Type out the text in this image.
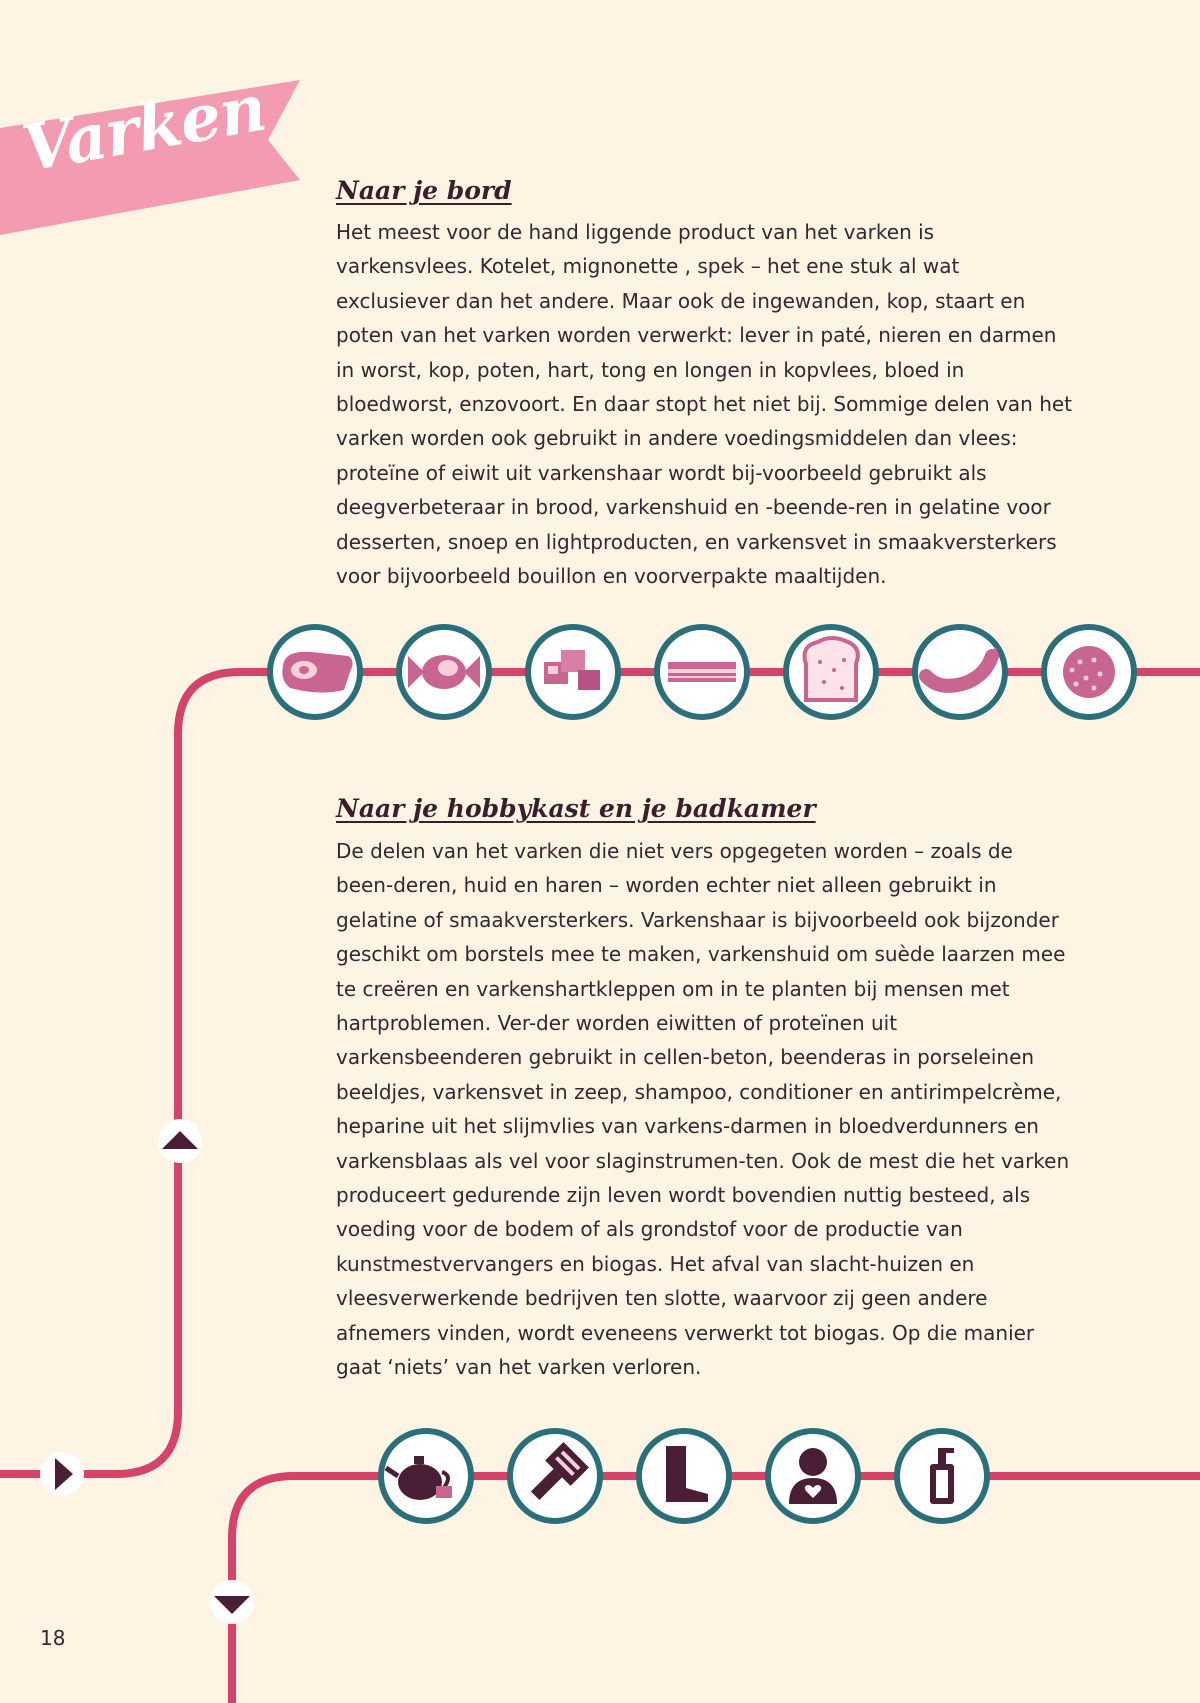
Varken
Naar je bord

Het meest voor de hand liggende product van het varken is varkensvlees. Kotelet, mignonette , spek – het ene stuk al wat exclusiever dan het andere. Maar ook de ingewanden, kop, staart en poten van het varken worden verwerkt: lever in paté, nieren en darmen in worst, kop, poten, hart, tong en longen in kopvlees, bloed in bloedworst, enzovoort. En daar stopt het niet bij. Sommige delen van het varken worden ook gebruikt in andere voedingsmiddelen dan vlees: proteïne of eiwit uit varkenshaar wordt bij-voorbeeld gebruikt als deegverbeteraar in brood, varkenshuid en -beende-ren in gelatine voor desserten, snoep en lightproducten, en varkensvet in smaakversterkers voor bijvoorbeeld bouillon en voorverpakte maaltijden.

Naar je hobbykast en je badkamer

De delen van het varken die niet vers opgegeten worden – zoals de been-deren, huid en haren – worden echter niet alleen gebruikt in gelatine of smaakversterkers. Varkenshaar is bijvoorbeeld ook bijzonder geschikt om borstels mee te maken, varkenshuid om suède laarzen mee te creëren en varkenshartkleppen om in te planten bij mensen met hartproblemen. Ver-der worden eiwitten of proteïnen uit varkensbeenderen gebruikt in cellen-beton, beenderas in porseleinen beeldjes, varkensvet in zeep, shampoo, conditioner en antirimpelcrème, heparine uit het slijmvlies van varkens-darmen in bloedverdunners en varkensblaas als vel voor slaginstrumen-ten. Ook de mest die het varken produceert gedurende zijn leven wordt bovendien nuttig besteed, als voeding voor de bodem of als grondstof voor de productie van kunstmestvervangers en biogas. Het afval van slacht-huizen en vleesverwerkende bedrijven ten slotte, waarvoor zij geen andere afnemers vinden, wordt eveneens verwerkt tot biogas. Op die manier gaat ‘niets’ van het varken verloren.

18
